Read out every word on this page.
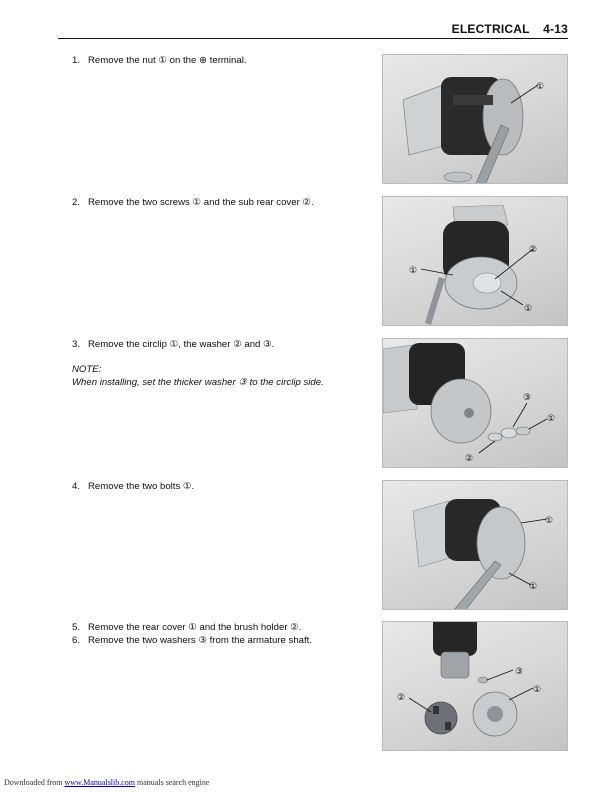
ELECTRICAL 4-13
1. Remove the nut ① on the ⊕ terminal.
2. Remove the two screws ① and the sub rear cover ②.
3. Remove the circlip ①, the washer ② and ③.
NOTE:
When installing, set the thicker washer ③ to the circlip side.
4. Remove the two bolts ①.
5. Remove the rear cover ① and the brush holder ②.
6. Remove the two washers ③ from the armature shaft.
①
②
①
①
③
①
②
①
①
③
①
②
Downloaded from www.Manualslib.com manuals search engine
